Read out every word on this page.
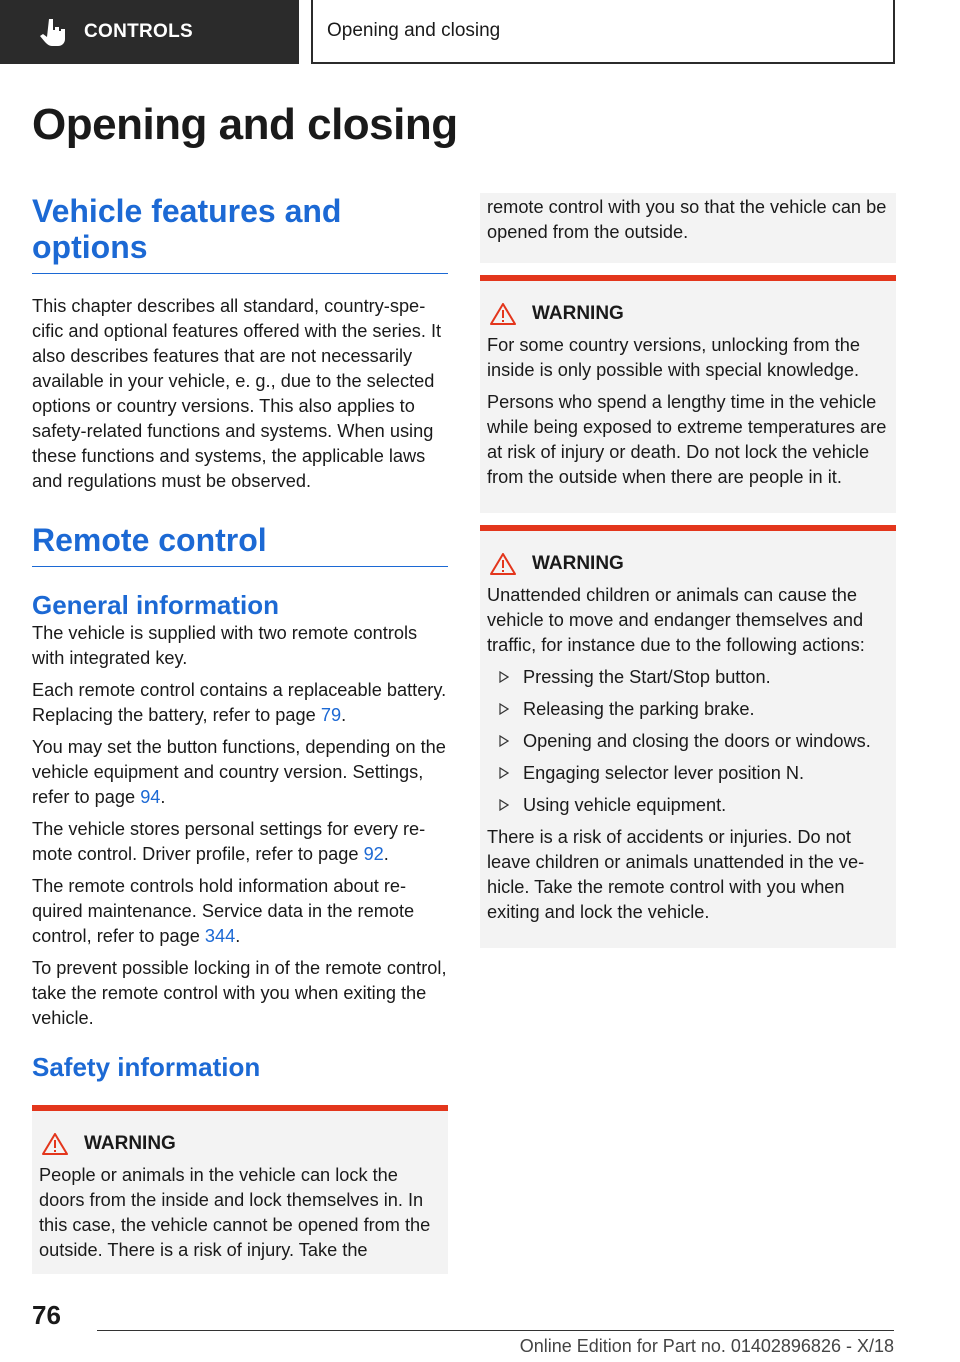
CONTROLS	Opening and closing
Opening and closing
Vehicle features and options

This chapter describes all standard, country-specific and optional features offered with the series. It also describes features that are not necessarily available in your vehicle, e. g., due to the selected options or country versions. This also applies to safety-related functions and systems. When using these functions and systems, the applicable laws and regulations must be observed.

Remote control
General information

The vehicle is supplied with two remote controls with integrated key.

Each remote control contains a replaceable battery. Replacing the battery, refer to page 79.

You may set the button functions, depending on the vehicle equipment and country version. Settings, refer to page 94.

The vehicle stores personal settings for every remote control. Driver profile, refer to page 92.

The remote controls hold information about required maintenance. Service data in the remote control, refer to page 344.

To prevent possible locking in of the remote control, take the remote control with you when exiting the vehicle.

Safety information
WARNING

People or animals in the vehicle can lock the doors from the inside and lock themselves in. In this case, the vehicle cannot be opened from the outside. There is a risk of injury. Take the

remote control with you so that the vehicle can be opened from the outside.

WARNING

For some country versions, unlocking from the inside is only possible with special knowledge.

Persons who spend a lengthy time in the vehicle while being exposed to extreme temperatures are at risk of injury or death. Do not lock the vehicle from the outside when there are people in it.

WARNING

Unattended children or animals can cause the vehicle to move and endanger themselves and traffic, for instance due to the following actions:

Pressing the Start/Stop button.
Releasing the parking brake.
Opening and closing the doors or windows.
Engaging selector lever position N.
Using vehicle equipment.

There is a risk of accidents or injuries. Do not leave children or animals unattended in the vehicle. Take the remote control with you when exiting and lock the vehicle.

76
Online Edition for Part no. 01402896826 - X/18
